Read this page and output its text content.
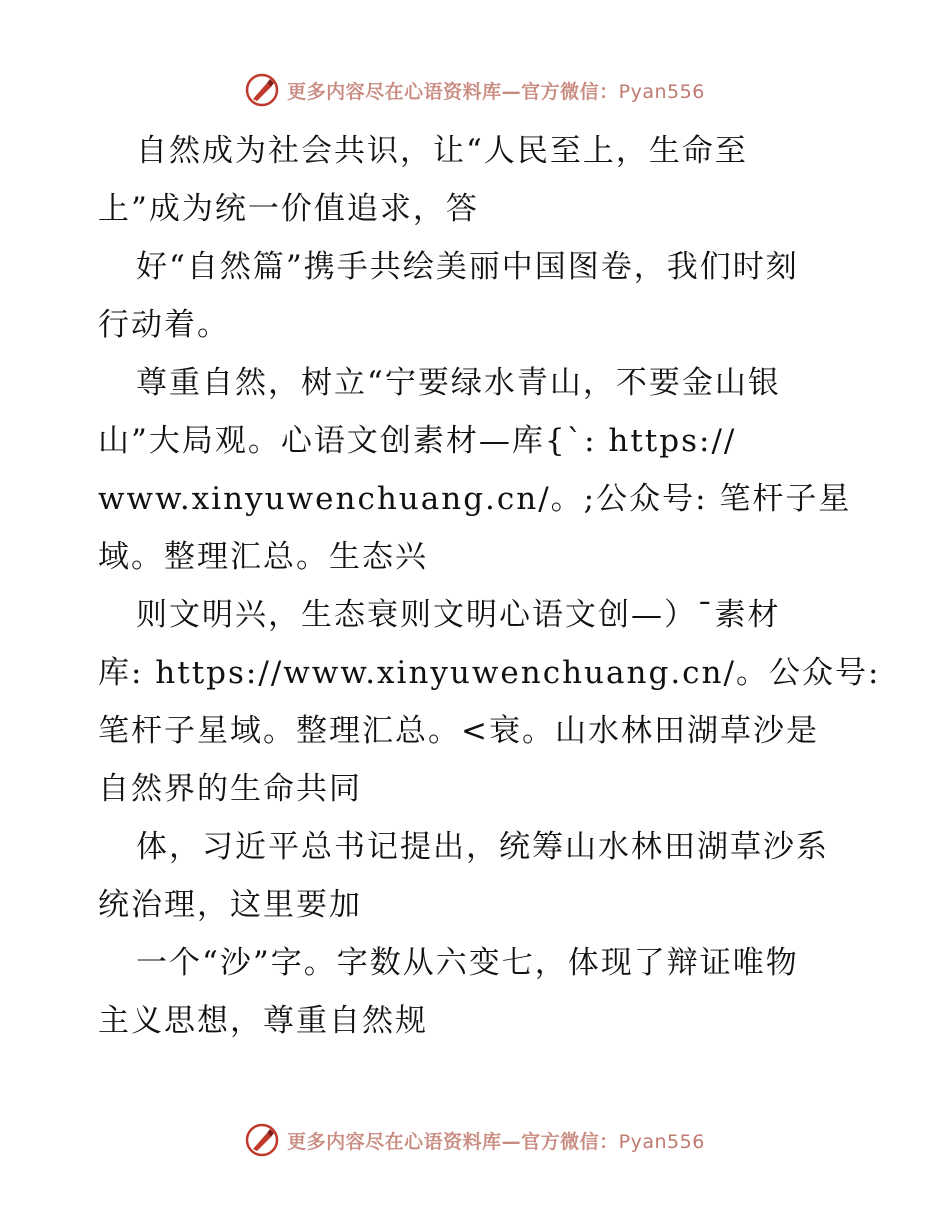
更多内容尽在心语资料库—官方微信：Pyan556
自然成为社会共识，让“人民至上，生命至
上”成为统一价值追求，答
好“自然篇”携手共绘美丽中国图卷，我们时刻
行动着。
尊重自然，树立“宁要绿水青山，不要金山银
山”大局观。心语文创素材—库{`: https://
www.xinyuwenchuang.cn/。;公众号: 笔杆子星
域。整理汇总。生态兴
则文明兴，生态衰则文明心语文创—）¯素材
库: https://www.xinyuwenchuang.cn/。公众号:
笔杆子星域。整理汇总。<衰。山水林田湖草沙是
自然界的生命共同
体，习近平总书记提出，统筹山水林田湖草沙系
统治理，这里要加
一个“沙”字。字数从六变七，体现了辩证唯物
主义思想，尊重自然规
更多内容尽在心语资料库—官方微信：Pyan556
